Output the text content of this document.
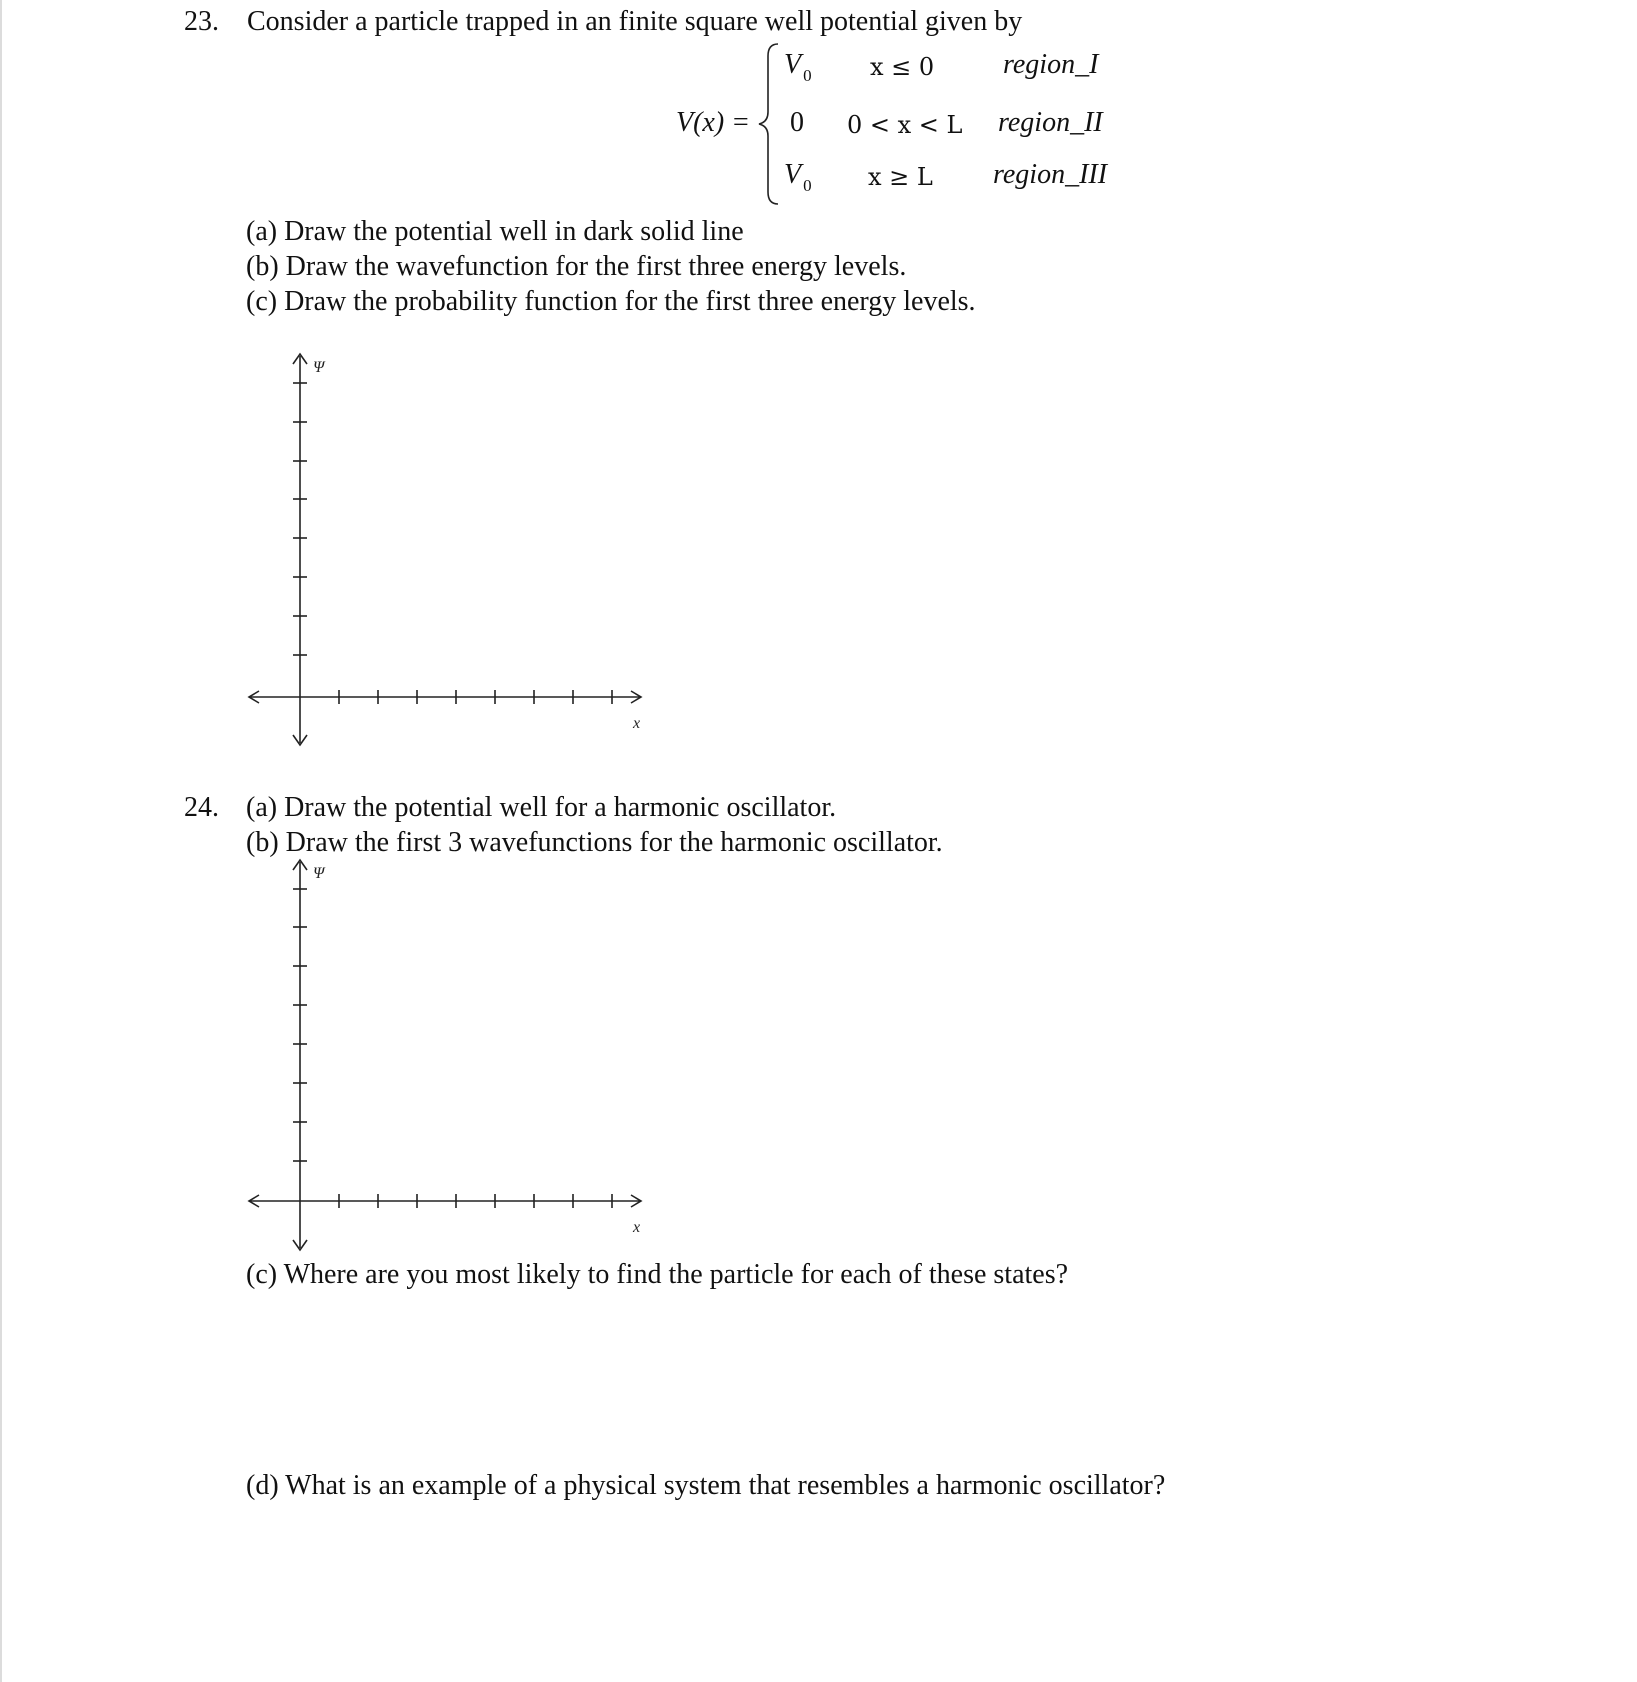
23. Consider a particle trapped in an finite square well potential given by
V(x) =
V $_0$ x ≤ 0 region_I
0 0 < x < L region_II
V $_0$ x ≥ L region_III
(a) Draw the potential well in dark solid line
(b) Draw the wavefunction for the first three energy levels.
(c) Draw the probability function for the first three energy levels.
Ψ
x
24. (a) Draw the potential well for a harmonic oscillator.
(b) Draw the first 3 wavefunctions for the harmonic oscillator.
Ψ
x
(c) Where are you most likely to find the particle for each of these states?
(d) What is an example of a physical system that resembles a harmonic oscillator?
